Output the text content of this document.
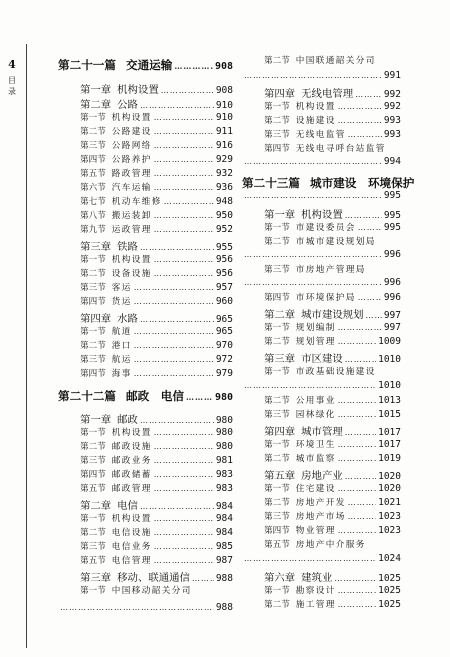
4
目录
第二十一篇 交通运输 …………………………………………………………………………………………	908
第一章 机构设置 …………………………………………………………………………………………	908
第二章 公路 …………………………………………………………………………………………	910
第一节 机构设置 …………………………………………………………………………………………	910
第二节 公路建设 …………………………………………………………………………………………	911
第三节 公路网络 …………………………………………………………………………………………	916
第四节 公路养护 …………………………………………………………………………………………	929
第五节 路政管理 …………………………………………………………………………………………	932
第六节 汽车运输 …………………………………………………………………………………………	936
第七节 机动车维修 …………………………………………………………………………………………	948
第八节 搬运装卸 …………………………………………………………………………………………	950
第九节 运政管理 …………………………………………………………………………………………	952
第三章 铁路 …………………………………………………………………………………………	955
第一节 机构设置 …………………………………………………………………………………………	956
第二节 设备设施 …………………………………………………………………………………………	956
第三节 客运 …………………………………………………………………………………………	957
第四节 货运 …………………………………………………………………………………………	960
第四章 水路 …………………………………………………………………………………………	965
第一节 航道 …………………………………………………………………………………………	965
第二节 港口 …………………………………………………………………………………………	970
第三节 航运 …………………………………………………………………………………………	972
第四节 海事 …………………………………………………………………………………………	979
第二十二篇 邮政　电信 …………………………………………………………………………………………	980
第一章 邮政 …………………………………………………………………………………………	980
第一节 机构设置 …………………………………………………………………………………………	980
第二节 邮政设施 …………………………………………………………………………………………	980
第三节 邮政业务 …………………………………………………………………………………………	981
第四节 邮政储蓄 …………………………………………………………………………………………	983
第五节 邮政管理 …………………………………………………………………………………………	983
第二章 电信 …………………………………………………………………………………………	984
第一节 机构设置 …………………………………………………………………………………………	984
第二节 电信设施 …………………………………………………………………………………………	984
第三节 电信业务 …………………………………………………………………………………………	985
第五节 电信管理 …………………………………………………………………………………………	987
第三章 移动、联通通信 …………………………………………………………………………………………	988
第一节 中国移动韶关分司
…………………………………………………………………………………………
988
第二节 中国联通韶关分司
…………………………………………………………………………………………
991
第四章 无线电管理 …………………………………………………………………………………………	992
第一节 机构设置 …………………………………………………………………………………………	992
第二节 设施建设 …………………………………………………………………………………………	993
第三节 无线电监管 …………………………………………………………………………………………	993
第四节 无线电寻呼台站监管
…………………………………………………………………………………………
994
第二十三篇 城市建设　环境保护
…………………………………………………………………………………………
995
第一章 机构设置 …………………………………………………………………………………………	995
第一节 市建设委员会 …………………………………………………………………………………………	995
第二节 市城市建设规划局
…………………………………………………………………………………………
996
第三节 市房地产管理局
…………………………………………………………………………………………
996
第四节 市环境保护局 …………………………………………………………………………………………	996
第二章 城市建设规划 ………………………………………………………………………………………… 997
第一节 规划编制 …………………………………………………………………………………………	997
第二节 规划管理 …………………………………………………………………………………………	1009
第三章 市区建设 …………………………………………………………………………………………	1010
第一节 市政基础设施建设
…………………………………………………………………………………………
1010
第二节 公用事业 …………………………………………………………………………………………	1013
第三节 园林绿化 …………………………………………………………………………………………	1015
第四章 城市管理 …………………………………………………………………………………………	1017
第一节 环境卫生 …………………………………………………………………………………………	1017
第二节 城市监察 …………………………………………………………………………………………	1019
第五章 房地产业 …………………………………………………………………………………………	1020
第一节 住宅建设 …………………………………………………………………………………………	1020
第二节 房地产开发 …………………………………………………………………………………………	1021
第三节 房地产市场 …………………………………………………………………………………………	1023
第四节 物业管理 …………………………………………………………………………………………	1023
第五节 房地产中介服务
…………………………………………………………………………………………
1024
第六章 建筑业 …………………………………………………………………………………………	1025
第一节 勘察设计 …………………………………………………………………………………………	1025
第二节 施工管理 …………………………………………………………………………………………	1025
